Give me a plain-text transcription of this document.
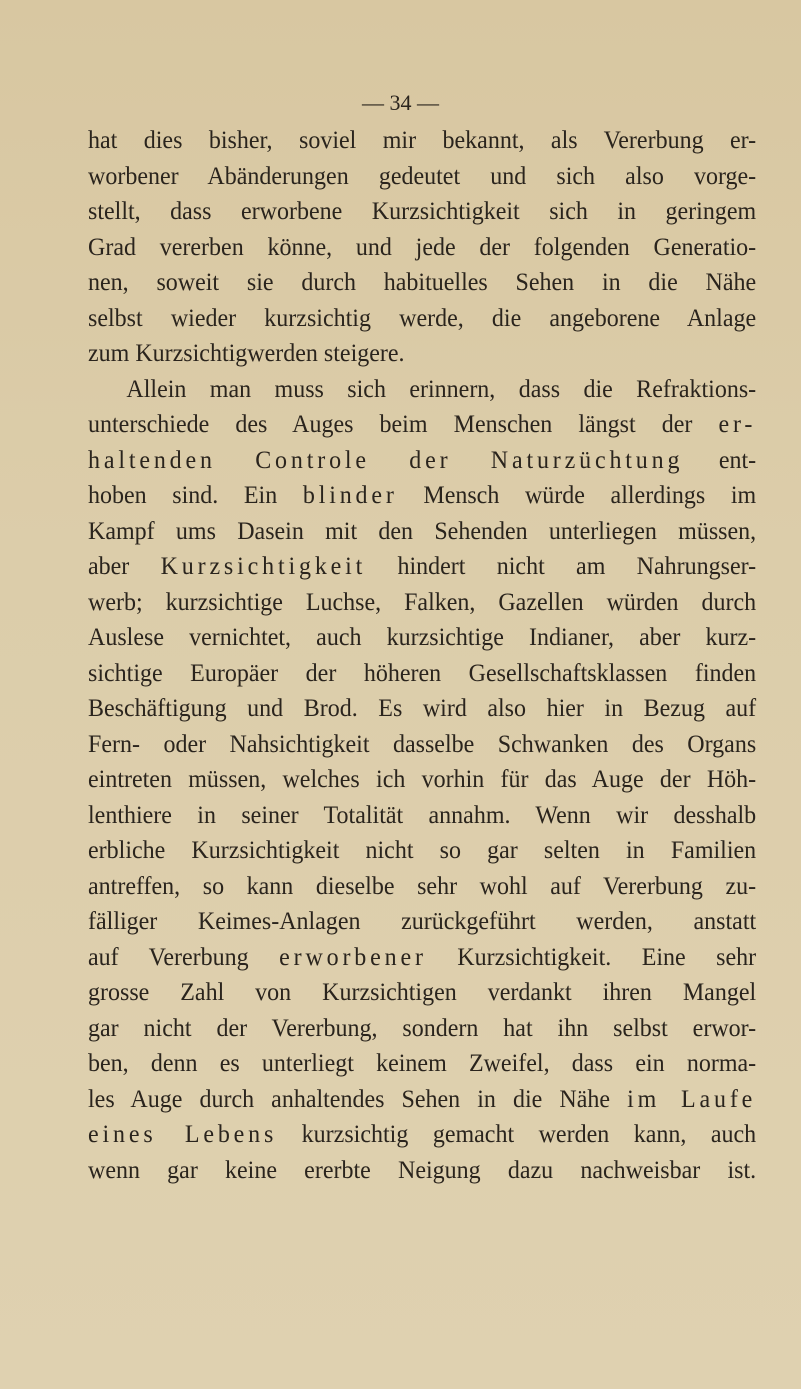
— 34 —
hat dies bisher, soviel mir bekannt, als Vererbung er-
worbener Abänderungen gedeutet und sich also vorge-
stellt, dass erworbene Kurzsichtigkeit sich in geringem
Grad vererben könne, und jede der folgenden Generatio-
nen, soweit sie durch habituelles Sehen in die Nähe
selbst wieder kurzsichtig werde, die angeborene Anlage
zum Kurzsichtigwerden steigere.
Allein man muss sich erinnern, dass die Refraktions-
unterschiede des Auges beim Menschen längst der er-
haltenden Controle der Naturzüchtung ent-
hoben sind. Ein blinder Mensch würde allerdings im
Kampf ums Dasein mit den Sehenden unterliegen müssen,
aber Kurzsichtigkeit hindert nicht am Nahrungser-
werb; kurzsichtige Luchse, Falken, Gazellen würden durch
Auslese vernichtet, auch kurzsichtige Indianer, aber kurz-
sichtige Europäer der höheren Gesellschaftsklassen finden
Beschäftigung und Brod. Es wird also hier in Bezug auf
Fern- oder Nahsichtigkeit dasselbe Schwanken des Organs
eintreten müssen, welches ich vorhin für das Auge der Höh-
lenthiere in seiner Totalität annahm. Wenn wir desshalb
erbliche Kurzsichtigkeit nicht so gar selten in Familien
antreffen, so kann dieselbe sehr wohl auf Vererbung zu-
fälliger Keimes-Anlagen zurückgeführt werden, anstatt
auf Vererbung erworbener Kurzsichtigkeit. Eine sehr
grosse Zahl von Kurzsichtigen verdankt ihren Mangel
gar nicht der Vererbung, sondern hat ihn selbst erwor-
ben, denn es unterliegt keinem Zweifel, dass ein norma-
les Auge durch anhaltendes Sehen in die Nähe im Laufe
eines Lebens kurzsichtig gemacht werden kann, auch
wenn gar keine ererbte Neigung dazu nachweisbar ist.
